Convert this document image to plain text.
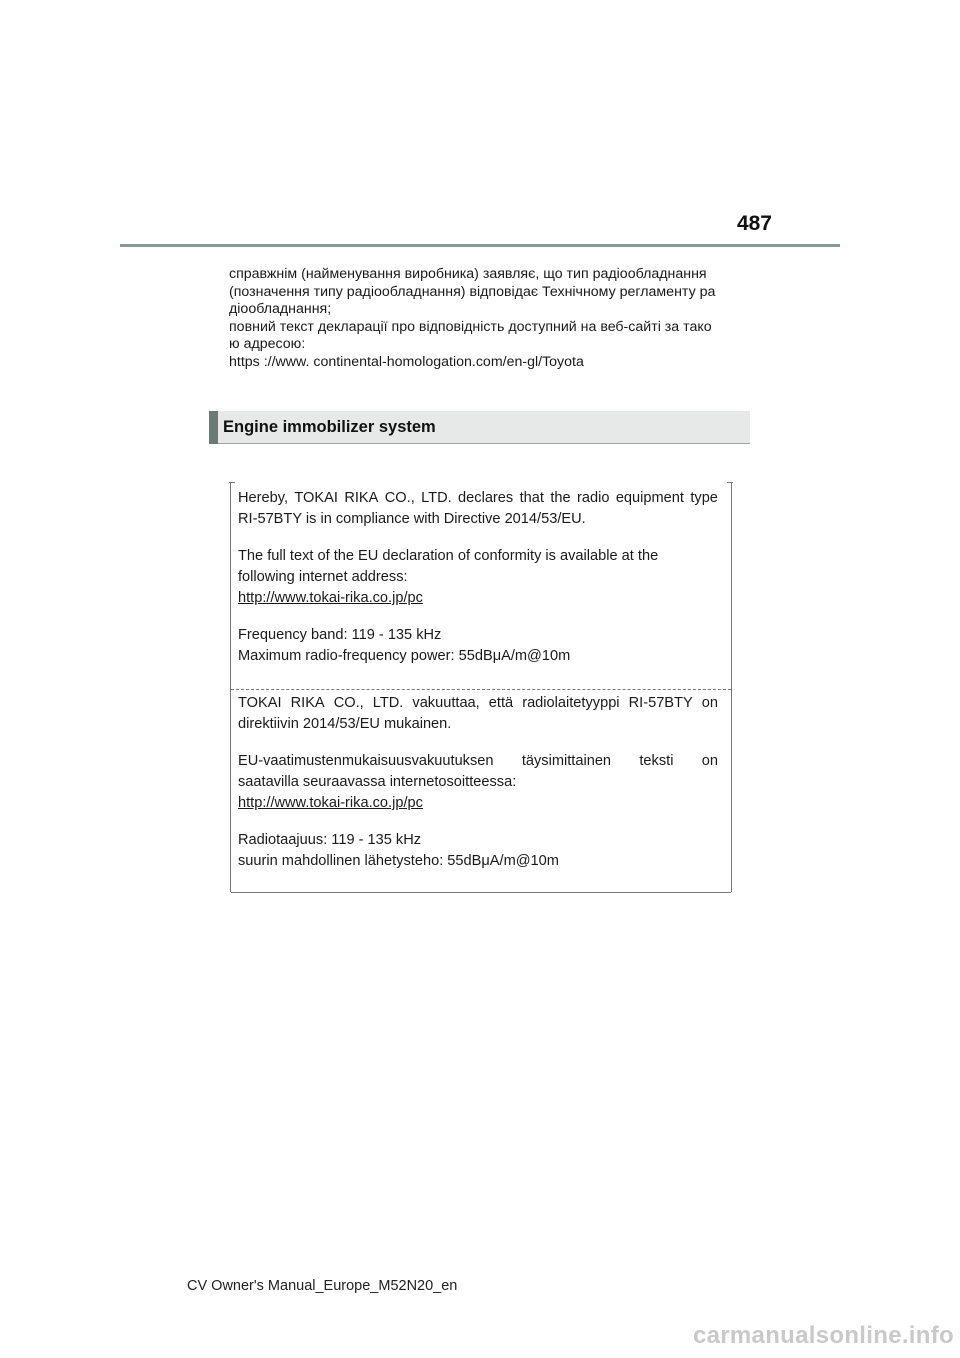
487
справжнім (найменування виробника) заявляє, що тип радіообладнання
(позначення типу радіообладнання) відповідає Технічному регламенту ра
діообладнання;
повний текст декларації про відповідність доступний на веб-сайті за тако
ю адресою:
https ://www. continental-homologation.com/en-gl/Toyota
Engine immobilizer system
Hereby, TOKAI RIKA CO., LTD. declares that the radio equipment type
RI-57BTY is in compliance with Directive 2014/53/EU.
The full text of the EU declaration of conformity is available at the
following internet address:
http://www.tokai-rika.co.jp/pc
Frequency band: 119 - 135 kHz
Maximum radio-frequency power: 55dBμA/m@10m
TOKAI RIKA CO., LTD. vakuuttaa, että radiolaitetyyppi RI-57BTY on
direktiivin 2014/53/EU mukainen.
EU-vaatimustenmukaisuusvakuutuksen täysimittainen teksti on
saatavilla seuraavassa internetosoitteessa:
http://www.tokai-rika.co.jp/pc
Radiotaajuus: 119 - 135 kHz
suurin mahdollinen lähetysteho: 55dBμA/m@10m
CV Owner's Manual_Europe_M52N20_en
carmanualsonline.info
